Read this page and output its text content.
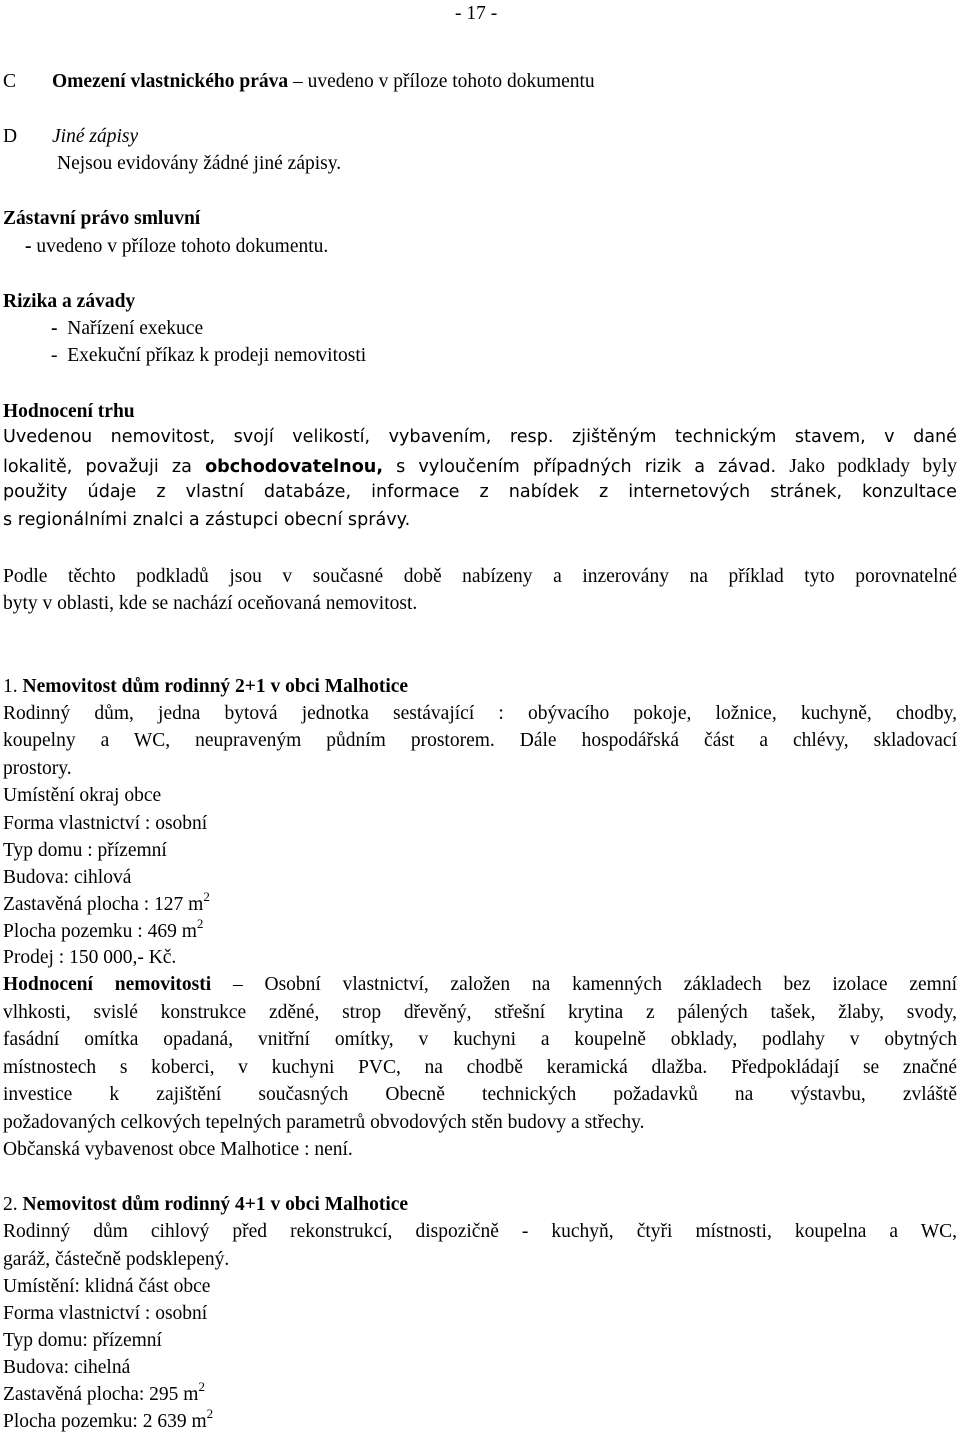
- 17 -
C Omezení vlastnického práva – uvedeno v příloze tohoto dokumentu
D Jiné zápisy
Nejsou evidovány žádné jiné zápisy.
Zástavní právo smluvní
- uvedeno v příloze tohoto dokumentu.
Rizika a závady
- Nařízení exekuce
- Exekuční příkaz k prodeji nemovitosti
Hodnocení trhu
Uvedenou nemovitost, svojí velikostí, vybavením, resp. zjištěným technickým stavem, v dané
lokalitě, považuji za obchodovatelnou, s vyloučením případných rizik a závad. Jako podklady byly
použity údaje z vlastní databáze, informace z nabídek z internetových stránek, konzultace
s regionálními znalci a zástupci obecní správy.
Podle těchto podkladů jsou v současné době nabízeny a inzerovány na příklad tyto porovnatelné
byty v oblasti, kde se nachází oceňovaná nemovitost.
1. Nemovitost dům rodinný 2+1 v obci Malhotice
Rodinný dům, jedna bytová jednotka sestávající : obývacího pokoje, ložnice, kuchyně, chodby,
koupelny a WC, neupraveným půdním prostorem. Dále hospodářská část a chlévy, skladovací
prostory.
Umístění okraj obce
Forma vlastnictví : osobní
Typ domu : přízemní
Budova: cihlová
Zastavěná plocha : 127 $m^2$
Plocha pozemku : 469 $m^2$
Prodej : 150 000,- Kč.
Hodnocení nemovitosti – Osobní vlastnictví, založen na kamenných základech bez izolace zemní
vlhkosti, svislé konstrukce zděné, strop dřevěný, střešní krytina z pálených tašek, žlaby, svody,
fasádní omítka opadaná, vnitřní omítky, v kuchyni a koupelně obklady, podlahy v obytných
místnostech s koberci, v kuchyni PVC, na chodbě keramická dlažba. Předpokládají se značné
investice k zajištění současných Obecně technických požadavků na výstavbu, zvláště
požadovaných celkových tepelných parametrů obvodových stěn budovy a střechy.
Občanská vybavenost obce Malhotice : není.
2. Nemovitost dům rodinný 4+1 v obci Malhotice
Rodinný dům cihlový před rekonstrukcí, dispozičně - kuchyň, čtyři místnosti, koupelna a WC,
garáž, částečně podsklepený.
Umístění: klidná část obce
Forma vlastnictví : osobní
Typ domu: přízemní
Budova: cihelná
Zastavěná plocha: 295 $m^2$
Plocha pozemku: 2 639 $m^2$
